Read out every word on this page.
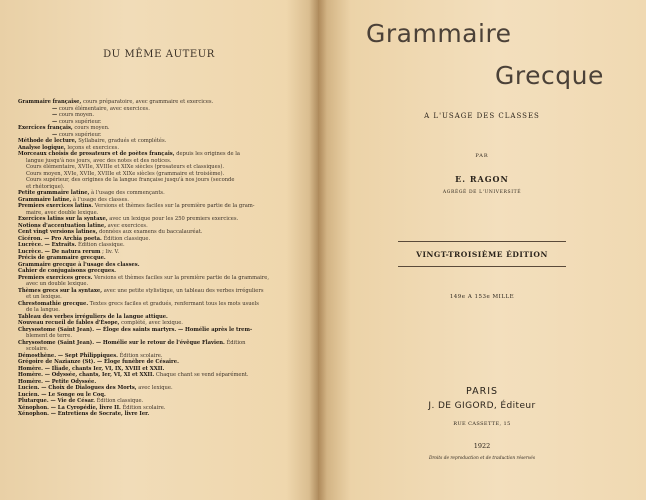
DU MÊME AUTEUR
Grammaire française, cours préparatoire, avec grammaire et exercices.
— cours élémentaire, avec exercices.
— cours moyen.
— cours supérieur.
Exercices français, cours moyen.
— cours supérieur.
Méthode de lecture, Syllabaire, gradués et complétés.
Analyse logique, leçons et exercices.
Morceaux choisis de prosateurs et de poètes français, depuis les origines de la
langue jusqu'à nos jours, avec des notes et des notices.
Cours élémentaire, XVIIe, XVIIIe et XIXe siècles (prosateurs et classiques).
Cours moyen, XVIe, XVIIe, XVIIIe et XIXe siècles (grammaire et troisième).
Cours supérieur, des origines de la langue française jusqu'à nos jours (seconde
et rhétorique).
Petite grammaire latine, à l'usage des commençants.
Grammaire latine, à l'usage des classes.
Premiers exercices latins. Versions et thèmes faciles sur la première partie de la gram-
maire, avec double lexique.
Exercices latins sur la syntaxe, avec un lexique pour les 250 premiers exercices.
Notions d'accentuation latine, avec exercices.
Cent vingt versions latines, données aux examens du baccalauréat.
Cicéron. — Pro Archia poeta. Édition classique.
Lucrèce. — Extraits. Édition classique.
Lucrèce. — De natura rerum ; liv. V.
Précis de grammaire grecque.
Grammaire grecque à l'usage des classes.
Cahier de conjugaisons grecques.
Premiers exercices grecs. Versions et thèmes faciles sur la première partie de la grammaire,
avec un double lexique.
Thèmes grecs sur la syntaxe, avec une petite stylistique, un tableau des verbes irréguliers
et un lexique.
Chrestomathie grecque. Textes grecs faciles et gradués, renfermant tous les mots usuels
de la langue.
Tableau des verbes irréguliers de la langue attique.
Nouveau recueil de fables d'Ésope, complété, avec lexique.
Chrysostome (Saint Jean). — Éloge des saints martyrs. — Homélie après le trem-
blement de terre.
Chrysostome (Saint Jean). — Homélie sur le retour de l'évêque Flavien. Édition
scolaire.
Démosthène. — Sept Philippiques. Édition scolaire.
Grégoire de Nazianze (St). — Éloge funèbre de Césaire.
Homère. — Iliade, chants Ier, VI, IX, XVIII et XXII.
Homère. — Odyssée, chants, Ier, VI, XI et XXII. Chaque chant se vend séparément.
Homère. — Petite Odyssée.
Lucien. — Choix de Dialogues des Morts, avec lexique.
Lucien. — Le Songe ou le Coq.
Plutarque. — Vie de César. Édition classique.
Xénophon. — La Cyropédie, livre II. Édition scolaire.
Xénophon. — Entretiens de Socrate, livre Ier.
Grammaire
Grecque
A L'USAGE DES CLASSES
PAR
E. RAGON
AGRÉGÉ DE L'UNIVERSITÉ
VINGT-TROISIÈME ÉDITION
149e A 153e MILLE
PARIS
J. DE GIGORD, Éditeur
RUE CASSETTE, 15
1922
Droits de reproduction et de traduction réservés
